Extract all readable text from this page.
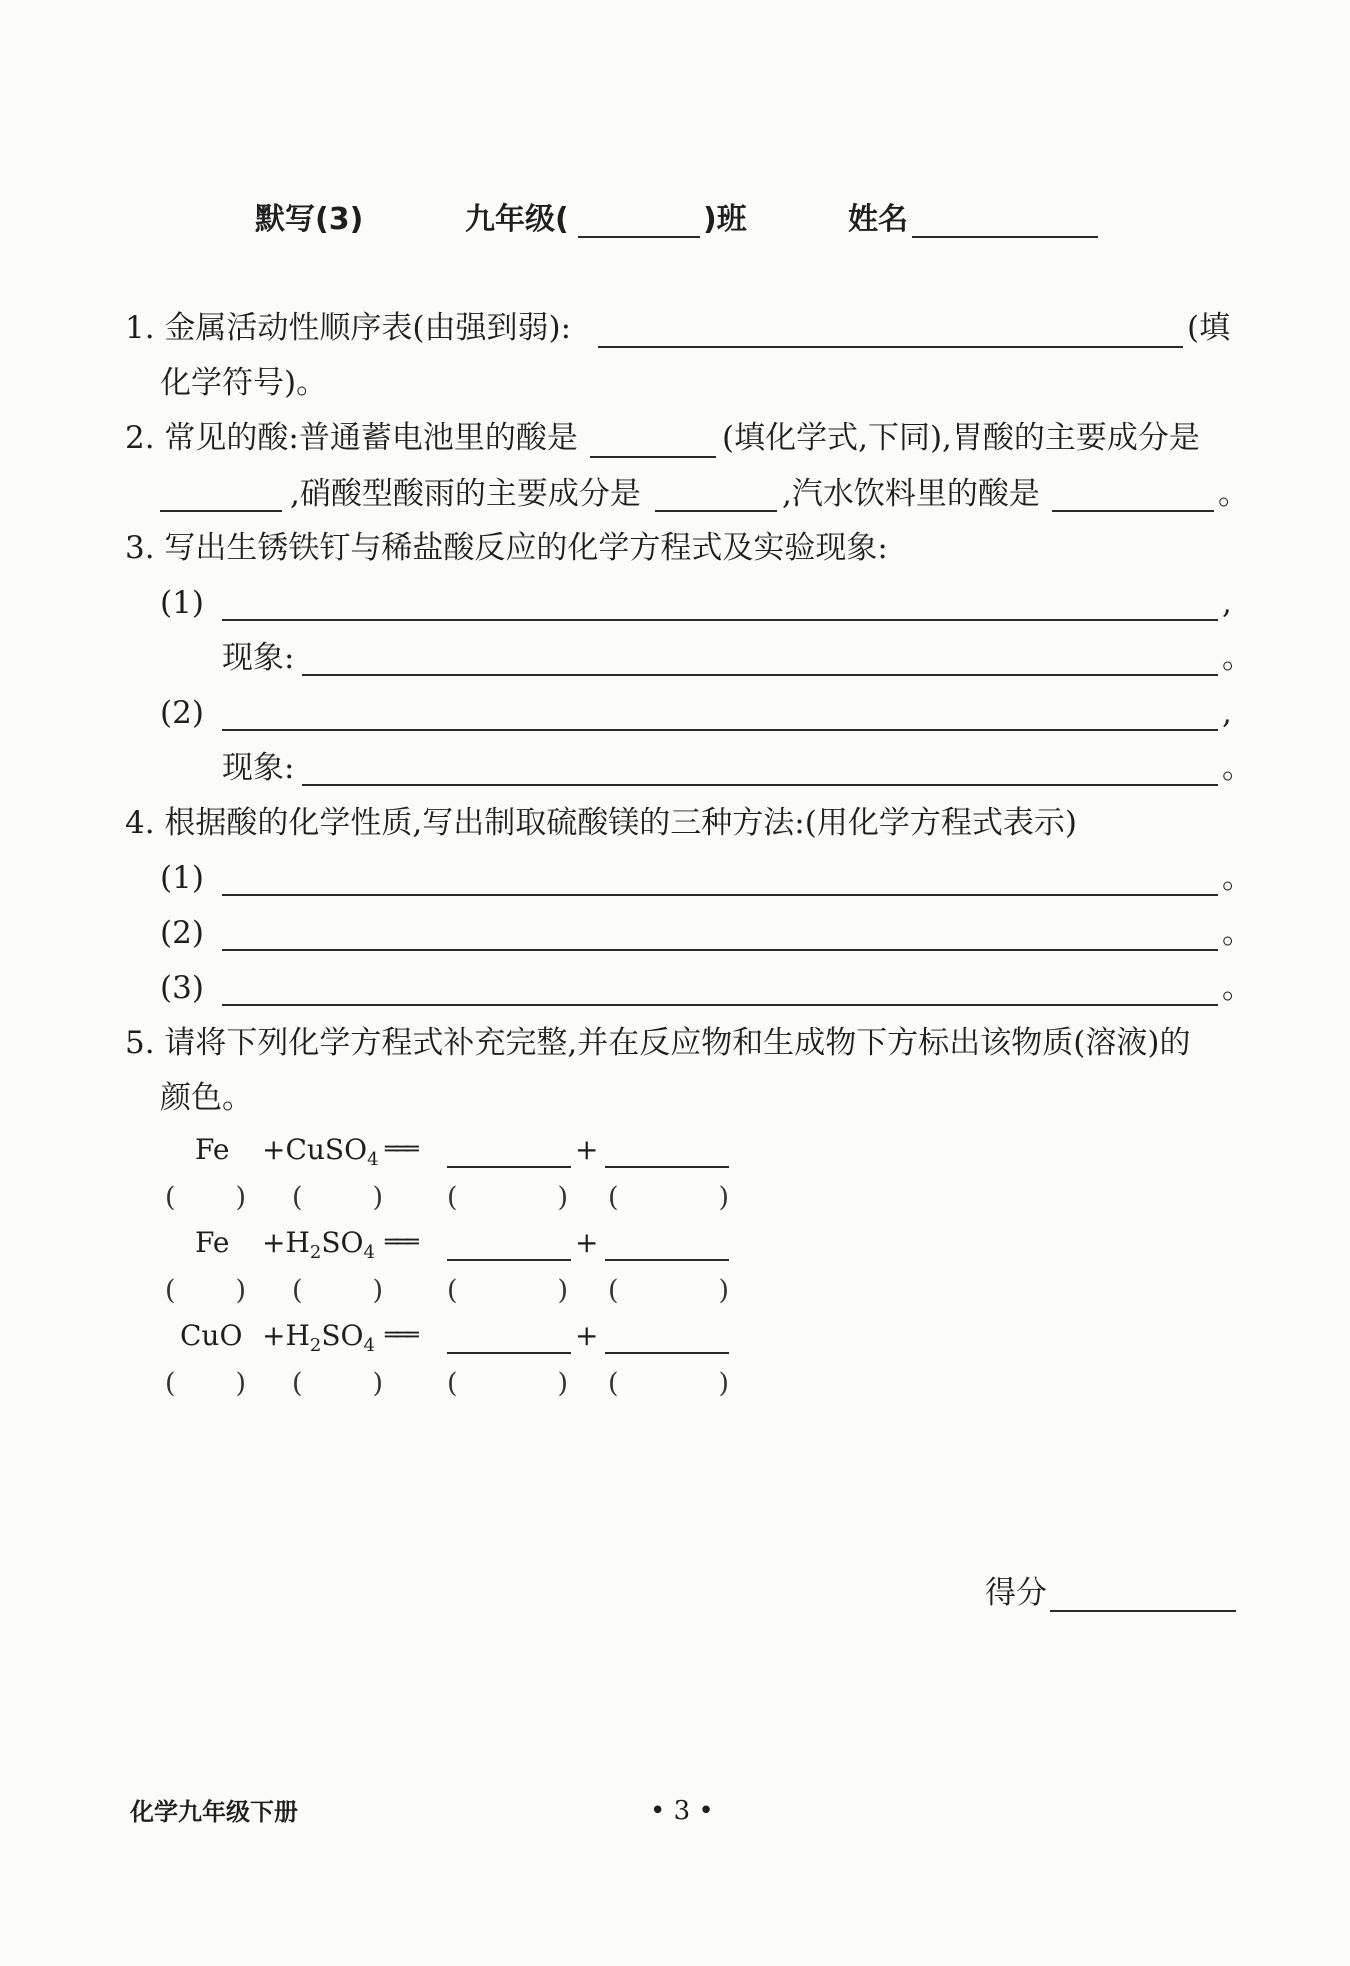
默写(3)	九年级(	)班	姓名
1. 金属活动性顺序表(由强到弱):	(填
化学符号)。
2. 常见的酸:普通蓄电池里的酸是	(填化学式,下同),胃酸的主要成分是
,硝酸型酸雨的主要成分是	,汽水饮料里的酸是	。
3. 写出生锈铁钉与稀盐酸反应的化学方程式及实验现象:
(1)	,
现象:	。
(2)	,
现象:	。
4. 根据酸的化学性质,写出制取硫酸镁的三种方法:(用化学方程式表示)
(1)	。
(2)	。
(3)	。
5. 请将下列化学方程式补充完整,并在反应物和生成物下方标出该物质(溶液)的
颜色。
Fe +CuSO$_4$ ═══	+
( ) (	) (	) (	)
$Fe +H_2SO_4$ ═══	+
( ) (	) (	) (	)
CuO $+H_2SO_4$ ═══	+
( ) (	) (	) (	)
得分
化学九年级下册	• 3 •
